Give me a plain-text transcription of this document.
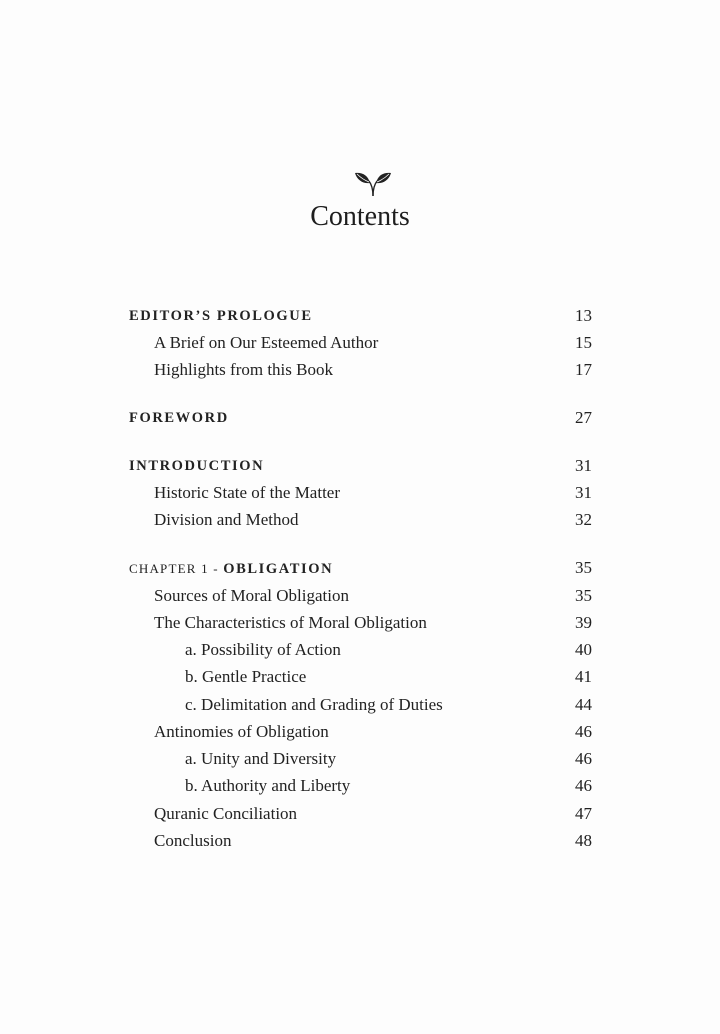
Contents
EDITOR’S PROLOGUE	13
A Brief on Our Esteemed Author	15
Highlights from this Book	17
FOREWORD	27
INTRODUCTION	31
Historic State of the Matter	31
Division and Method	32
CHAPTER 1 - OBLIGATION	35
Sources of Moral Obligation	35
The Characteristics of Moral Obligation	39
a. Possibility of Action	40
b. Gentle Practice	41
c. Delimitation and Grading of Duties	44
Antinomies of Obligation	46
a. Unity and Diversity	46
b. Authority and Liberty	46
Quranic Conciliation	47
Conclusion	48
